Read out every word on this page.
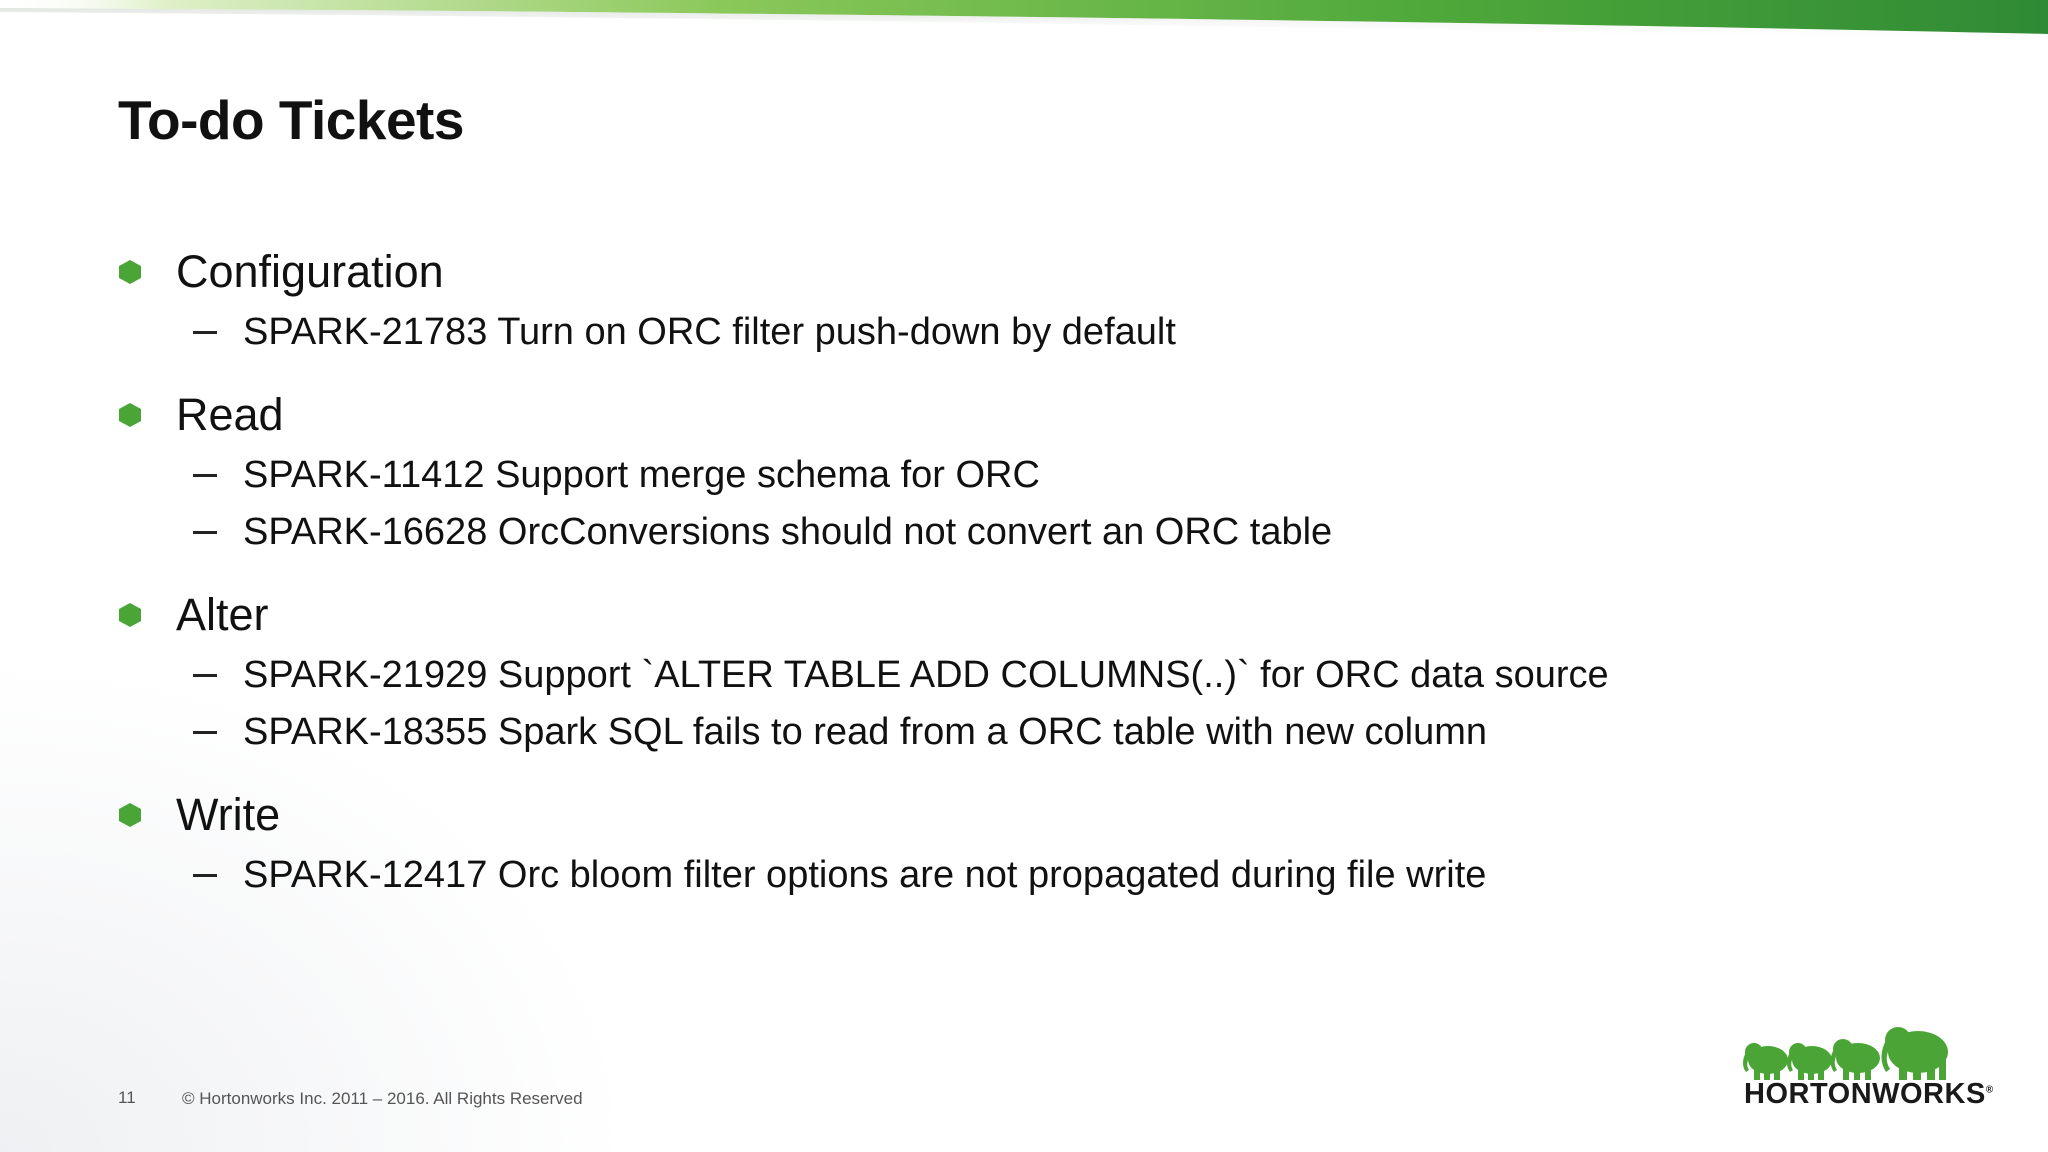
To-do Tickets
Configuration
SPARK-21783 Turn on ORC filter push-down by default
Read
SPARK-11412 Support merge schema for ORC
SPARK-16628 OrcConversions should not convert an ORC table
Alter
SPARK-21929 Support `ALTER TABLE ADD COLUMNS(..)` for ORC data source
SPARK-18355 Spark SQL fails to read from a ORC table with new column
Write
SPARK-12417 Orc bloom filter options are not propagated during file write
11	© Hortonworks Inc. 2011 – 2016. All Rights Reserved	HORTONWORKS®
